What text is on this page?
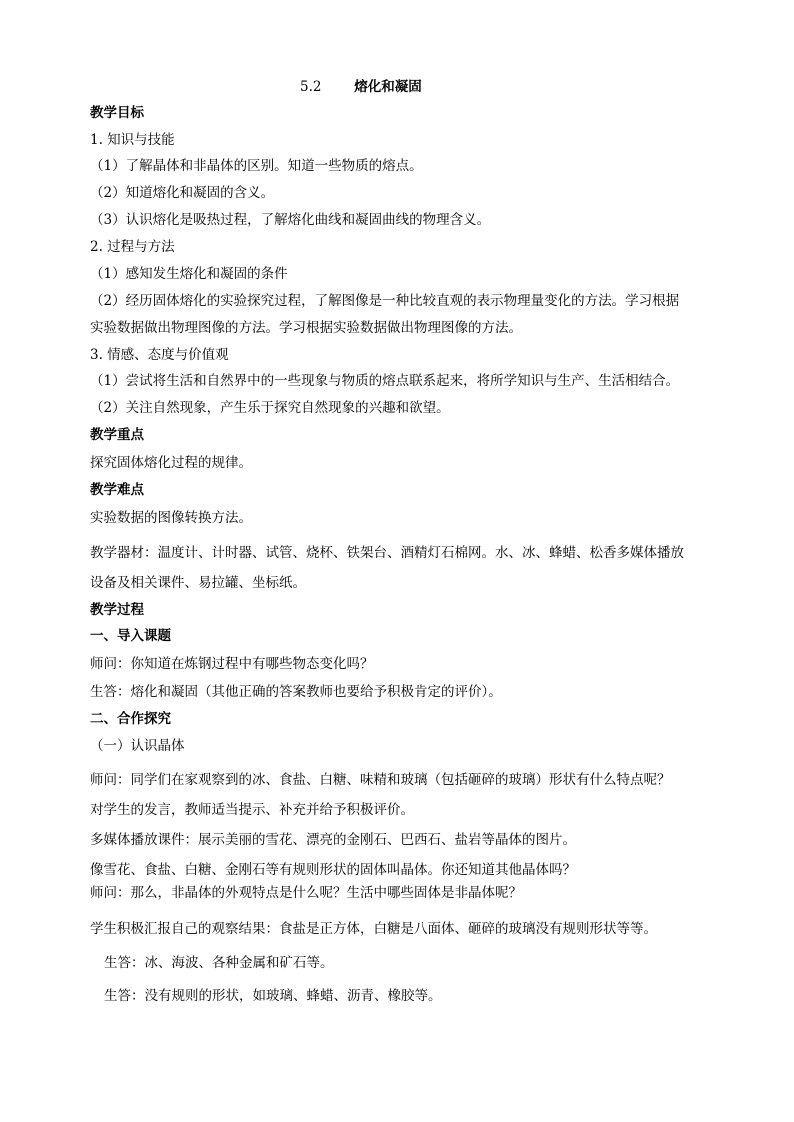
5.2 熔化和凝固
教学目标
1. 知识与技能
（1）了解晶体和非晶体的区别。知道一些物质的熔点。
（2）知道熔化和凝固的含义。
（3）认识熔化是吸热过程，了解熔化曲线和凝固曲线的物理含义。
2. 过程与方法
（1）感知发生熔化和凝固的条件
（2）经历固体熔化的实验探究过程，了解图像是一种比较直观的表示物理量变化的方法。学习根据
实验数据做出物理图像的方法。学习根据实验数据做出物理图像的方法。
3. 情感、态度与价值观
（1）尝试将生活和自然界中的一些现象与物质的熔点联系起来，将所学知识与生产、生活相结合。
（2）关注自然现象，产生乐于探究自然现象的兴趣和欲望。
教学重点
探究固体熔化过程的规律。
教学难点
实验数据的图像转换方法。
教学器材：温度计、计时器、试管、烧杯、铁架台、酒精灯石棉网。水、冰、蜂蜡、松香多媒体播放
设备及相关课件、易拉罐、坐标纸。
教学过程
一、导入课题
师问：你知道在炼钢过程中有哪些物态变化吗？
生答：熔化和凝固（其他正确的答案教师也要给予积极肯定的评价）。
二、合作探究
（一）认识晶体
师问：同学们在家观察到的冰、食盐、白糖、味精和玻璃（包括砸碎的玻璃）形状有什么特点呢？
对学生的发言，教师适当提示、补充并给予积极评价。
多媒体播放课件：展示美丽的雪花、漂亮的金刚石、巴西石、盐岩等晶体的图片。
像雪花、食盐、白糖、金刚石等有规则形状的固体叫晶体。你还知道其他晶体吗？
师问：那么，非晶体的外观特点是什么呢？生活中哪些固体是非晶体呢？
学生积极汇报自己的观察结果：食盐是正方体，白糖是八面体、砸碎的玻璃没有规则形状等等。
生答：冰、海波、各种金属和矿石等。
生答：没有规则的形状，如玻璃、蜂蜡、沥青、橡胶等。
